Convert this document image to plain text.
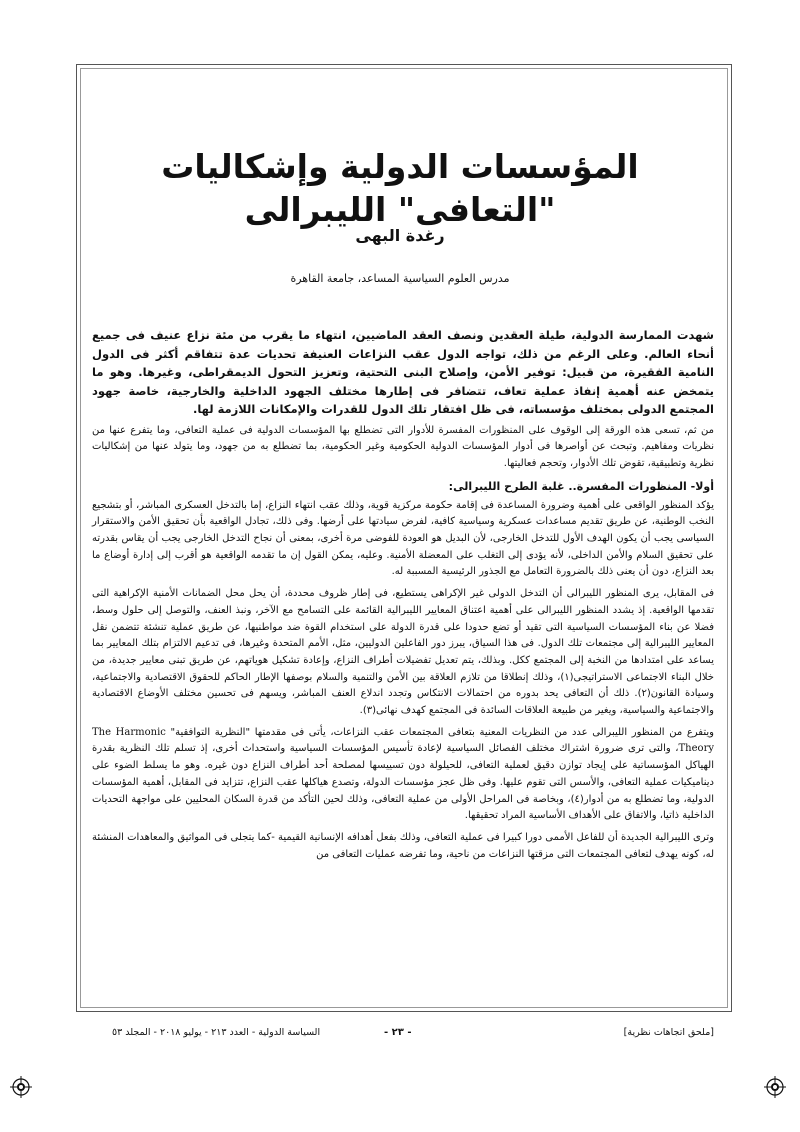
المؤسسات الدولية وإشكاليات "التعافى" الليبرالى

رغدة البهى

مدرس العلوم السياسية المساعد، جامعة القاهرة

شهدت الممارسة الدولية، طيلة العقدين ونصف العقد الماضيين، انتهاء ما يقرب من مئة نزاع عنيف فى جميع أنحاء العالم. وعلى الرغم من ذلك، تواجه الدول عقب النزاعات العنيفة تحديات عدة تتفاقم أكثر فى الدول النامية الفقيرة، من قبيل: توفير الأمن، وإصلاح البنى التحتية، وتعزيز التحول الديمقراطى، وغيرها. وهو ما يتمخض عنه أهمية إنفاذ عملية تعاف، تتضافر فى إطارها مختلف الجهود الداخلية والخارجية، خاصة جهود المجتمع الدولى بمختلف مؤسساته، فى ظل افتقار تلك الدول للقدرات والإمكانات اللازمة لها.

من ثم، تسعى هذه الورقة إلى الوقوف على المنظورات المفسرة للأدوار التى تضطلع بها المؤسسات الدولية فى عملية التعافى، وما يتفرع عنها من نظريات ومفاهيم. وتبحث عن أواصرها فى أدوار المؤسسات الدولية الحكومية وغير الحكومية، بما تضطلع به من جهود، وما يتولد عنها من إشكاليات نظرية وتطبيقية، تقوض تلك الأدوار، وتحجم فعاليتها.

أولا- المنظورات المفسرة.. غلبة الطرح الليبرالى:

يؤكد المنظور الواقعى على أهمية وضرورة المساعدة فى إقامة حكومة مركزية قوية، وذلك عقب انتهاء النزاع، إما بالتدخل العسكرى المباشر، أو بتشجيع النخب الوطنية، عن طريق تقديم مساعدات عسكرية وسياسية كافية، لفرض سيادتها على أرضها. وفى ذلك، تجادل الواقعية بأن تحقيق الأمن والاستقرار السياسى يجب أن يكون الهدف الأول للتدخل الخارجى، لأن البديل هو العودة للفوضى مرة أخرى، بمعنى أن نجاح التدخل الخارجى يجب أن يقاس بقدرته على تحقيق السلام والأمن الداخلى، لأنه يؤدى إلى التغلب على المعضلة الأمنية. وعليه، يمكن القول إن ما تقدمه الواقعية هو أقرب إلى إدارة أوضاع ما بعد النزاع، دون أن يعنى ذلك بالضرورة التعامل مع الجذور الرئيسية المسببة له.

فى المقابل، يرى المنظور الليبرالى أن التدخل الدولى غير الإكراهى يستطيع، فى إطار ظروف محددة، أن يحل محل الضمانات الأمنية الإكراهية التى تقدمها الواقعية. إذ يشدد المنظور الليبرالى على أهمية اعتناق المعايير الليبرالية القائمة على التسامح مع الآخر، ونبذ العنف، والتوصل إلى حلول وسط، فضلا عن بناء المؤسسات السياسية التى تقيد أو تضع حدودا على قدرة الدولة على استخدام القوة ضد مواطنيها، عن طريق عملية تنشئة تتضمن نقل المعايير الليبرالية إلى مجتمعات تلك الدول. فى هذا السياق، يبرز دور الفاعلين الدوليين، مثل، الأمم المتحدة وغيرها، فى تدعيم الالتزام بتلك المعايير بما يساعد على امتدادها من النخبة إلى المجتمع ككل. وبذلك، يتم تعديل تفضيلات أطراف النزاع، وإعادة تشكيل هوياتهم، عن طريق تبنى معايير جديدة، من خلال البناء الاجتماعى الاستراتيجى(١)، وذلك إنطلاقا من تلازم العلاقة بين الأمن والتنمية والسلام بوصفها الإطار الحاكم للحقوق الاقتصادية والاجتماعية، وسيادة القانون(٢). ذلك أن التعافى يحد بدوره من احتمالات الانتكاس وتجدد اندلاع العنف المباشر، ويسهم فى تحسين مختلف الأوضاع الاقتصادية والاجتماعية والسياسية، ويغير من طبيعة العلاقات السائدة فى المجتمع كهدف نهائى(٣).

ويتفرع من المنظور الليبرالى عدد من النظريات المعنية بتعافى المجتمعات عقب النزاعات، يأتى فى مقدمتها "النظرية التوافقية" The Harmonic Theory، والتى ترى ضرورة اشتراك مختلف الفصائل السياسية لإعادة تأسيس المؤسسات السياسية واستحداث أخرى، إذ تسلم تلك النظرية بقدرة الهياكل المؤسساتية على إيجاد توازن دقيق لعملية التعافى، للحيلولة دون تسييسها لمصلحة أحد أطراف النزاع دون غيره. وهو ما يسلط الضوء على ديناميكيات عملية التعافى، والأسس التى تقوم عليها. وفى ظل عجز مؤسسات الدولة، وتصدع هياكلها عقب النزاع، تتزايد فى المقابل، أهمية المؤسسات الدولية، وما تضطلع به من أدوار(٤)، وبخاصة فى المراحل الأولى من عملية التعافى، وذلك لحين التأكد من قدرة السكان المحليين على مواجهة التحديات الداخلية ذاتيا، والاتفاق على الأهداف الأساسية المراد تحقيقها.

وترى الليبرالية الجديدة أن للفاعل الأممى دورا كبيرا فى عملية التعافى، وذلك بفعل أهدافه الإنسانية القيمية -كما يتجلى فى المواثيق والمعاهدات المنشئة له، كونه يهدف لتعافى المجتمعات التى مزقتها النزاعات من ناحية، وما تفرضه عمليات التعافى من

[ملحق اتجاهات نظرية]
- ٢٣ -
السياسة الدولية - العدد ٢١٣ - يوليو ٢٠١٨ - المجلد ٥٣
